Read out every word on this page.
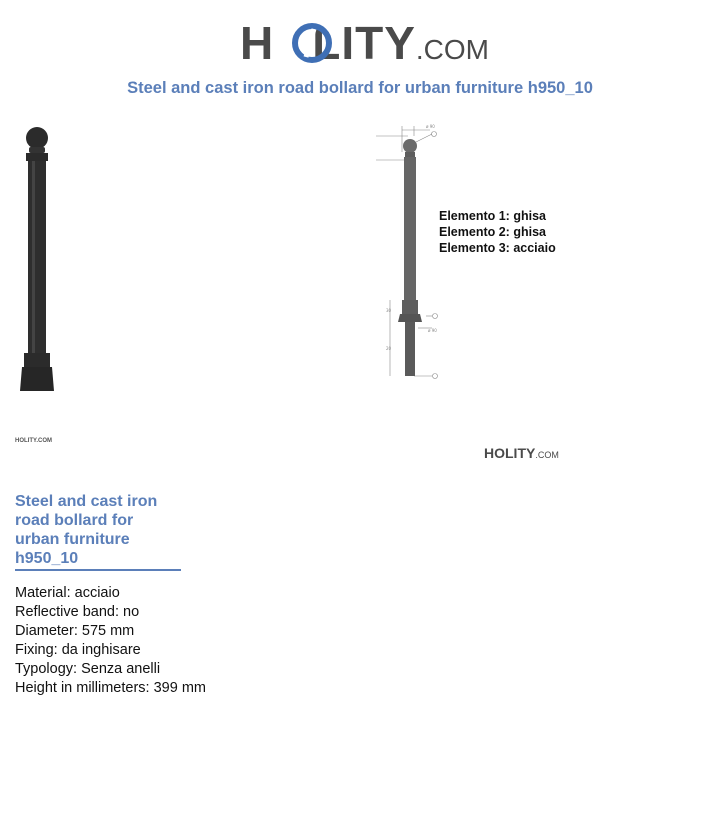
H LITY.COM
Steel and cast iron road bollard for urban furniture h950_10
ø 90
ø 90
30
20
Elemento 1: ghisa
Elemento 2: ghisa
Elemento 3: acciaio
HOLITY.COM
HOLITY.COM
Steel and cast iron road bollard for urban furniture h950_10
Material: acciaio
Reflective band: no
Diameter: 575 mm
Fixing: da inghisare
Typology: Senza anelli
Height in millimeters: 399 mm
